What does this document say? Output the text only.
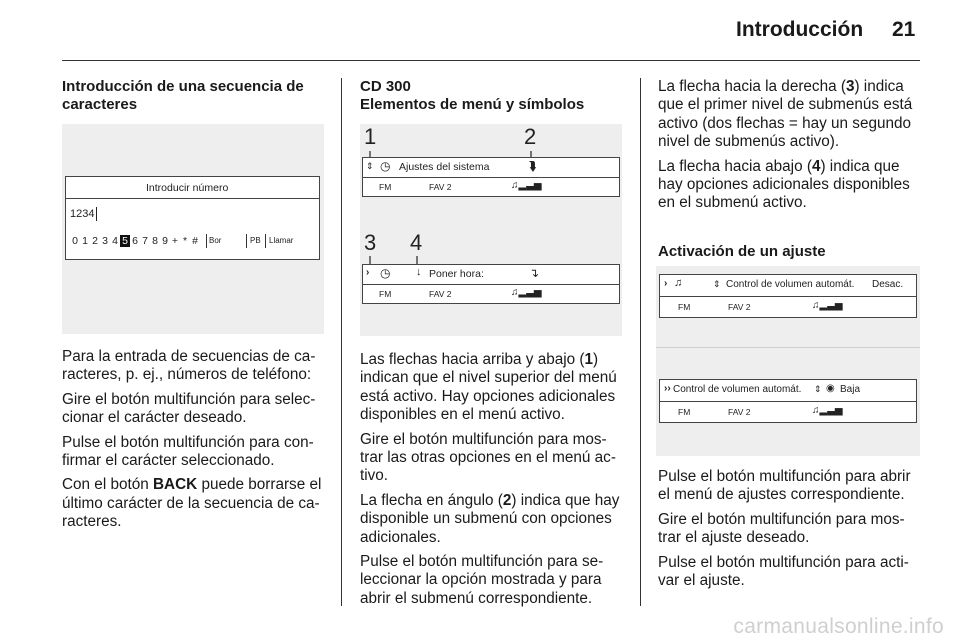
Introducción 21
Introducción de una secuencia de
caracteres
Introducir número
1234
0 1 2 3 4 5 6 7 8 9 + * #	Bor	PB	Llamar

Para la entrada de secuencias de ca-
racteres, p. ej., números de teléfono:

Gire el botón multifunción para selec-
cionar el carácter deseado.

Pulse el botón multifunción para con-
firmar el carácter seleccionado.

Con el botón BACK puede borrarse el
último carácter de la secuencia de ca-
racteres.

CD 300
Elementos de menú y símbolos
1	2
⇕ ◷ Ajustes del sistema	⮯
FM	FAV 2	♫▂▃▅
3 4
› ◷ ↓ Poner hora:	↴
FM	FAV 2	♫▂▃▅

Las flechas hacia arriba y abajo (1)
indican que el nivel superior del menú
está activo. Hay opciones adicionales
disponibles en el menú activo.

Gire el botón multifunción para mos-
trar las otras opciones en el menú ac-
tivo.

La flecha en ángulo (2) indica que hay
disponible un submenú con opciones
adicionales.

Pulse el botón multifunción para se-
leccionar la opción mostrada y para
abrir el submenú correspondiente.

La flecha hacia la derecha (3) indica
que el primer nivel de submenús está
activo (dos flechas = hay un segundo
nivel de submenús activo).

La flecha hacia abajo (4) indica que
hay opciones adicionales disponibles
en el submenú activo.

Activación de un ajuste
› ♫	⇕ Control de volumen automát. Desac.
FM	FAV 2	♫▂▃▅
›› Control de volumen automát. ⇕ ◉ Baja
FM	FAV 2	♫▂▃▅

Pulse el botón multifunción para abrir
el menú de ajustes correspondiente.

Gire el botón multifunción para mos-
trar el ajuste deseado.

Pulse el botón multifunción para acti-
var el ajuste.

carmanualsonline.info
